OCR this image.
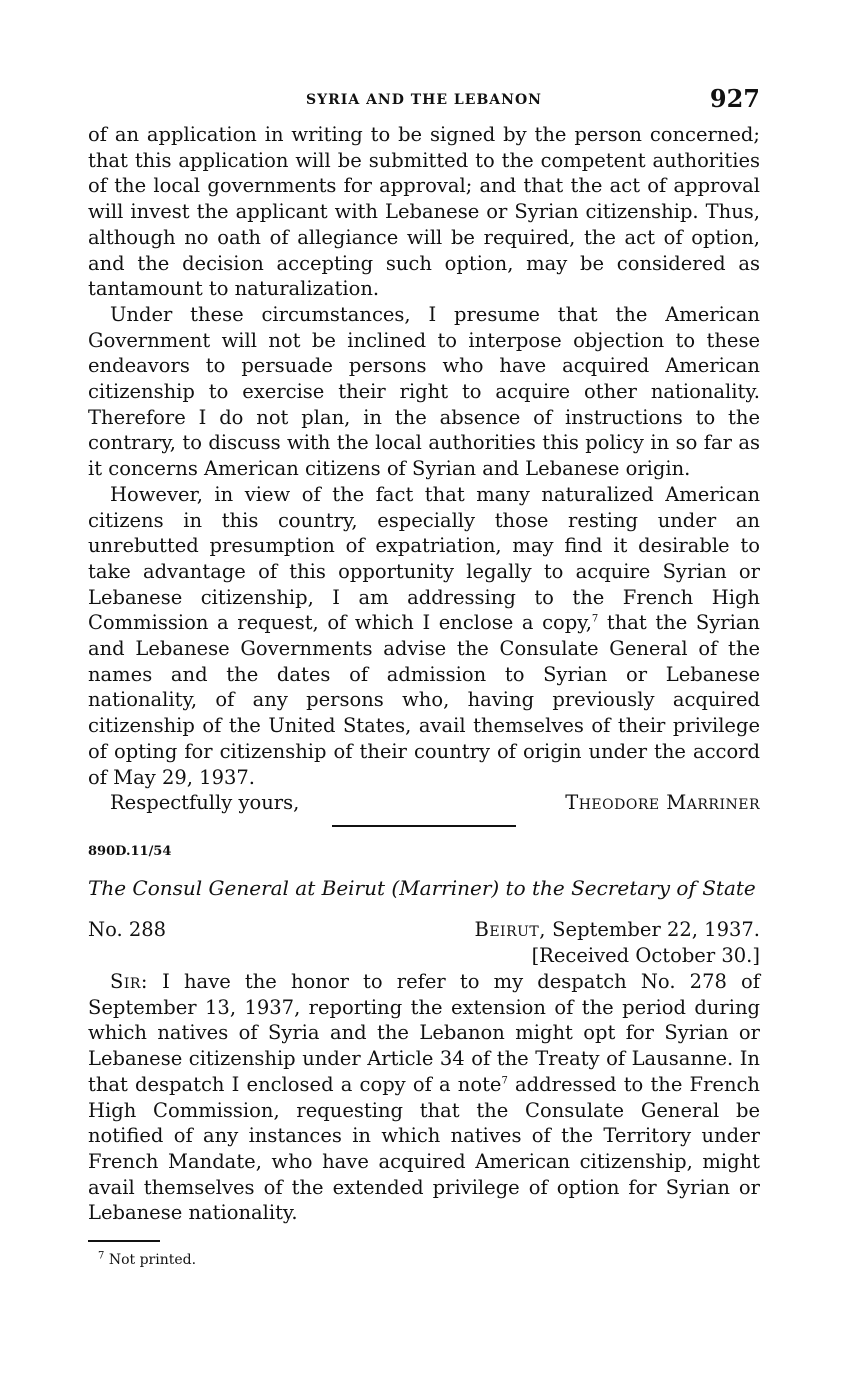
SYRIA AND THE LEBANON	927

of an application in writing to be signed by the person concerned; that this application will be submitted to the competent authorities of the local governments for approval; and that the act of approval will invest the applicant with Lebanese or Syrian citizenship. Thus, although no oath of allegiance will be required, the act of option, and the decision accepting such option, may be considered as tantamount to naturalization.

Under these circumstances, I presume that the American Government will not be inclined to interpose objection to these endeavors to persuade persons who have acquired American citizenship to exercise their right to acquire other nationality. Therefore I do not plan, in the absence of instructions to the contrary, to discuss with the local authorities this policy in so far as it concerns American citizens of Syrian and Lebanese origin.

However, in view of the fact that many naturalized American citizens in this country, especially those resting under an unrebutted presumption of expatriation, may find it desirable to take advantage of this opportunity legally to acquire Syrian or Lebanese citizenship, I am addressing to the French High Commission a request, of which I enclose a copy,$^7$ that the Syrian and Lebanese Governments advise the Consulate General of the names and the dates of admission to Syrian or Lebanese nationality, of any persons who, having previously acquired citizenship of the United States, avail themselves of their privilege of opting for citizenship of their country of origin under the accord of May 29, 1937.

Respectfully yours,	Theodore Marriner
890D.11/54
The Consul General at Beirut (Marriner) to the Secretary of State
No. 288	Beirut, September 22, 1937.
[Received October 30.]

Sir: I have the honor to refer to my despatch No. 278 of September 13, 1937, reporting the extension of the period during which natives of Syria and the Lebanon might opt for Syrian or Lebanese citizenship under Article 34 of the Treaty of Lausanne. In that despatch I enclosed a copy of a note$^7$ addressed to the French High Commission, requesting that the Consulate General be notified of any instances in which natives of the Territory under French Mandate, who have acquired American citizenship, might avail themselves of the extended privilege of option for Syrian or Lebanese nationality.

$^7$ Not printed.
